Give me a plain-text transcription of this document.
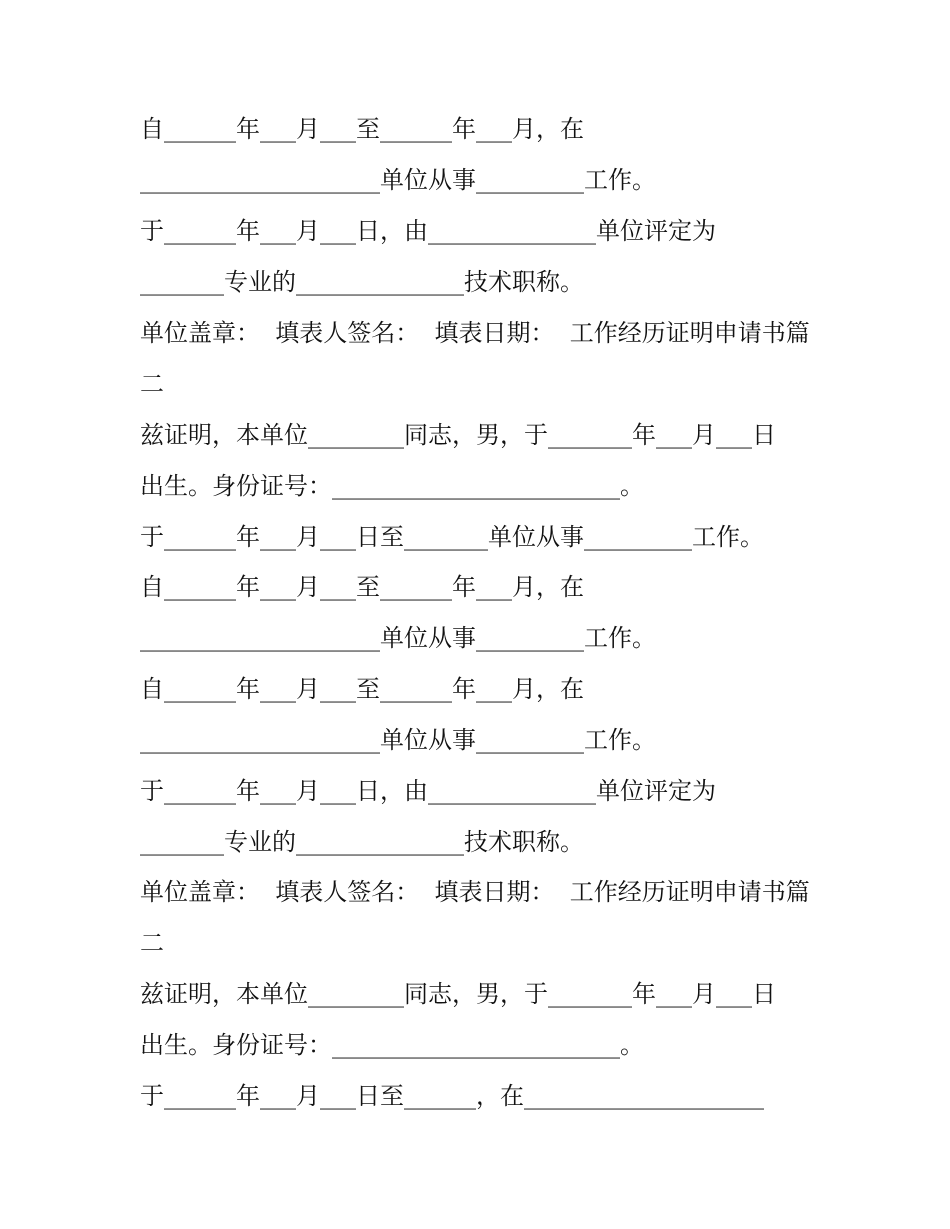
自______年___月___至______年___月，在
____________________单位从事_________工作。
于______年___月___日，由______________单位评定为
_______专业的______________技术职称。
单位盖章：  填表人签名：  填表日期：  工作经历证明申请书篇
二
兹证明，本单位________同志，男，于_______年___月___日
出生。身份证号：________________________。
于______年___月___日至_______单位从事_________工作。
自______年___月___至______年___月，在
____________________单位从事_________工作。
自______年___月___至______年___月，在
____________________单位从事_________工作。
于______年___月___日，由______________单位评定为
_______专业的______________技术职称。
单位盖章：  填表人签名：  填表日期：  工作经历证明申请书篇
二
兹证明，本单位________同志，男，于_______年___月___日
出生。身份证号：________________________。
于______年___月___日至______，在____________________
